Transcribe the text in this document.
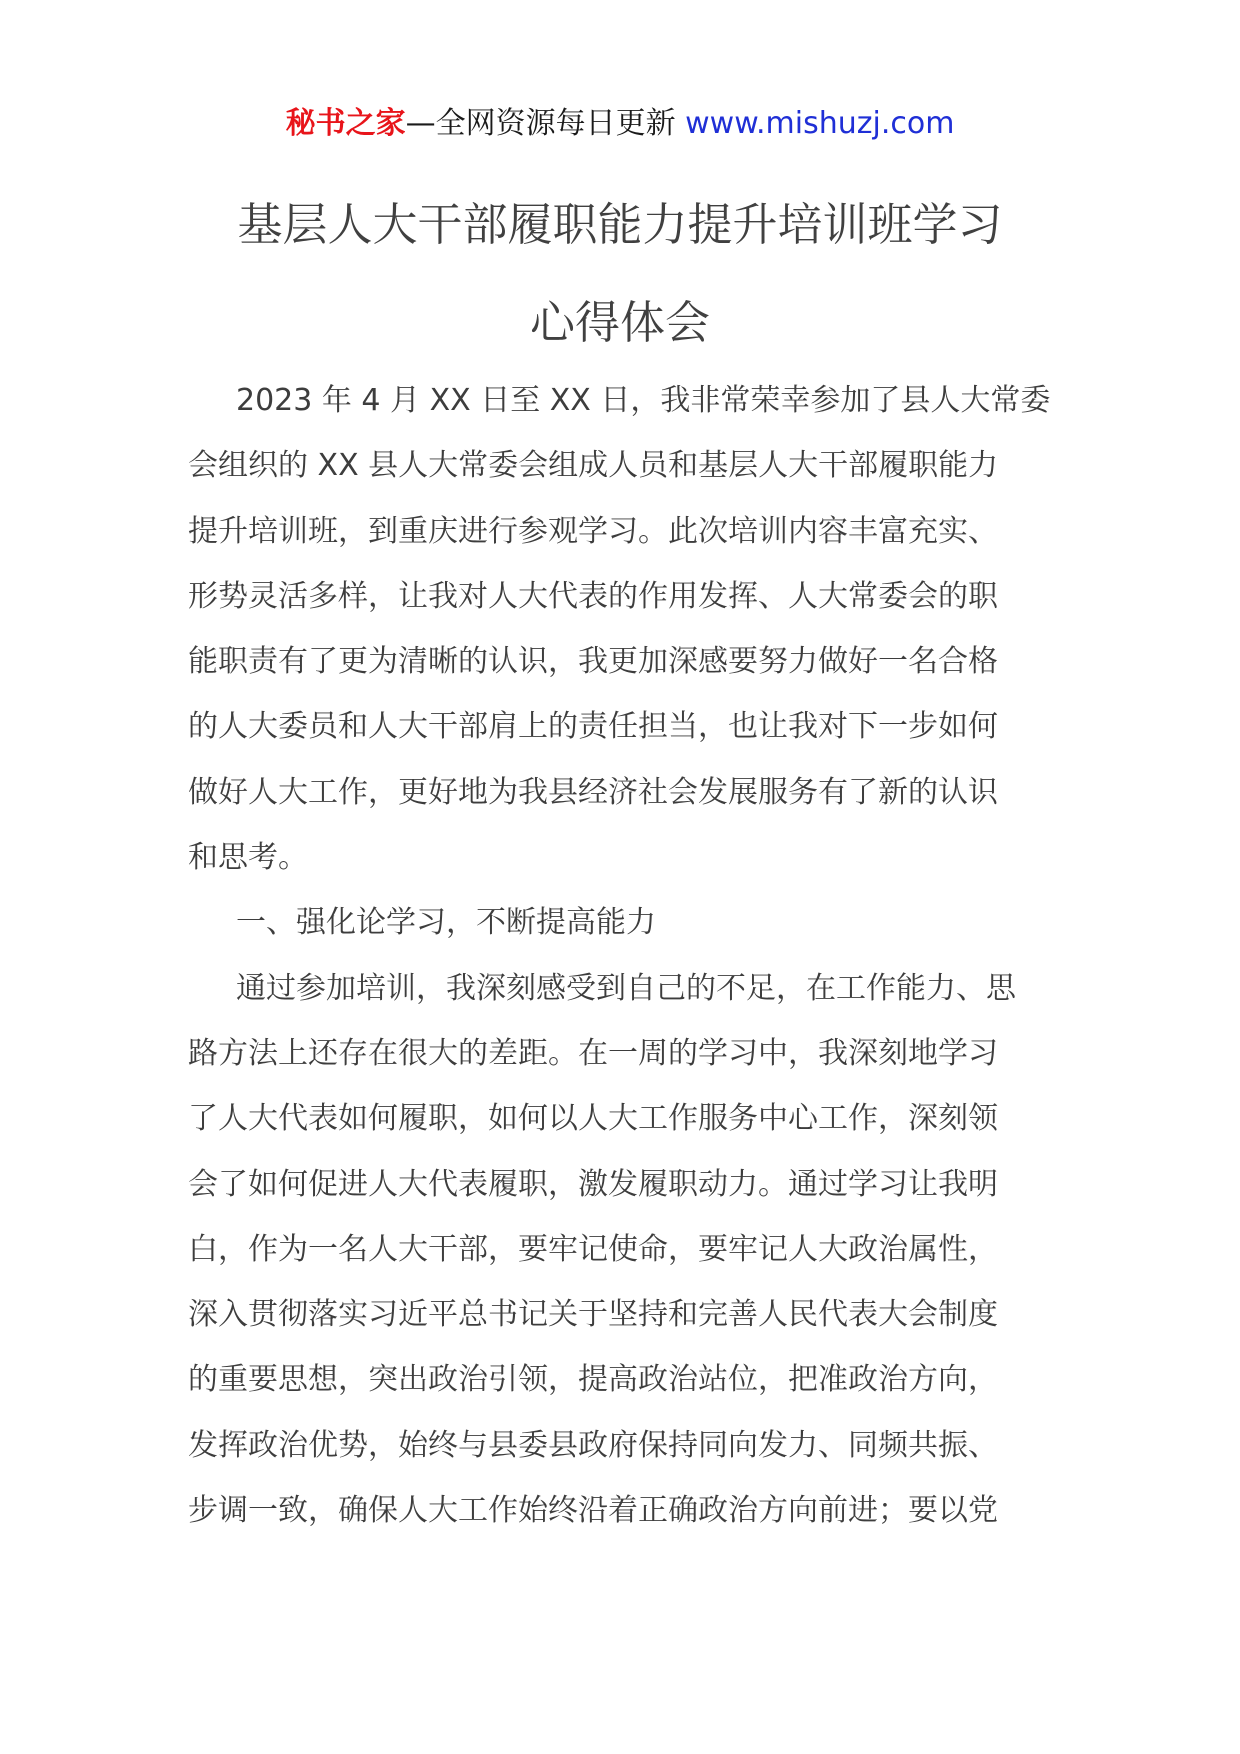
秘书之家—全网资源每日更新 www.mishuzj.com
基层人大干部履职能力提升培训班学习
心得体会
2023 年 4 月 XX 日至 XX 日，我非常荣幸参加了县人大常委
会组织的 XX 县人大常委会组成人员和基层人大干部履职能力
提升培训班，到重庆进行参观学习。此次培训内容丰富充实、
形势灵活多样，让我对人大代表的作用发挥、人大常委会的职
能职责有了更为清晰的认识，我更加深感要努力做好一名合格
的人大委员和人大干部肩上的责任担当，也让我对下一步如何
做好人大工作，更好地为我县经济社会发展服务有了新的认识
和思考。
一、强化论学习，不断提高能力
通过参加培训，我深刻感受到自己的不足，在工作能力、思
路方法上还存在很大的差距。在一周的学习中，我深刻地学习
了人大代表如何履职，如何以人大工作服务中心工作，深刻领
会了如何促进人大代表履职，激发履职动力。通过学习让我明
白，作为一名人大干部，要牢记使命，要牢记人大政治属性，
深入贯彻落实习近平总书记关于坚持和完善人民代表大会制度
的重要思想，突出政治引领，提高政治站位，把准政治方向，
发挥政治优势，始终与县委县政府保持同向发力、同频共振、
步调一致，确保人大工作始终沿着正确政治方向前进；要以党
